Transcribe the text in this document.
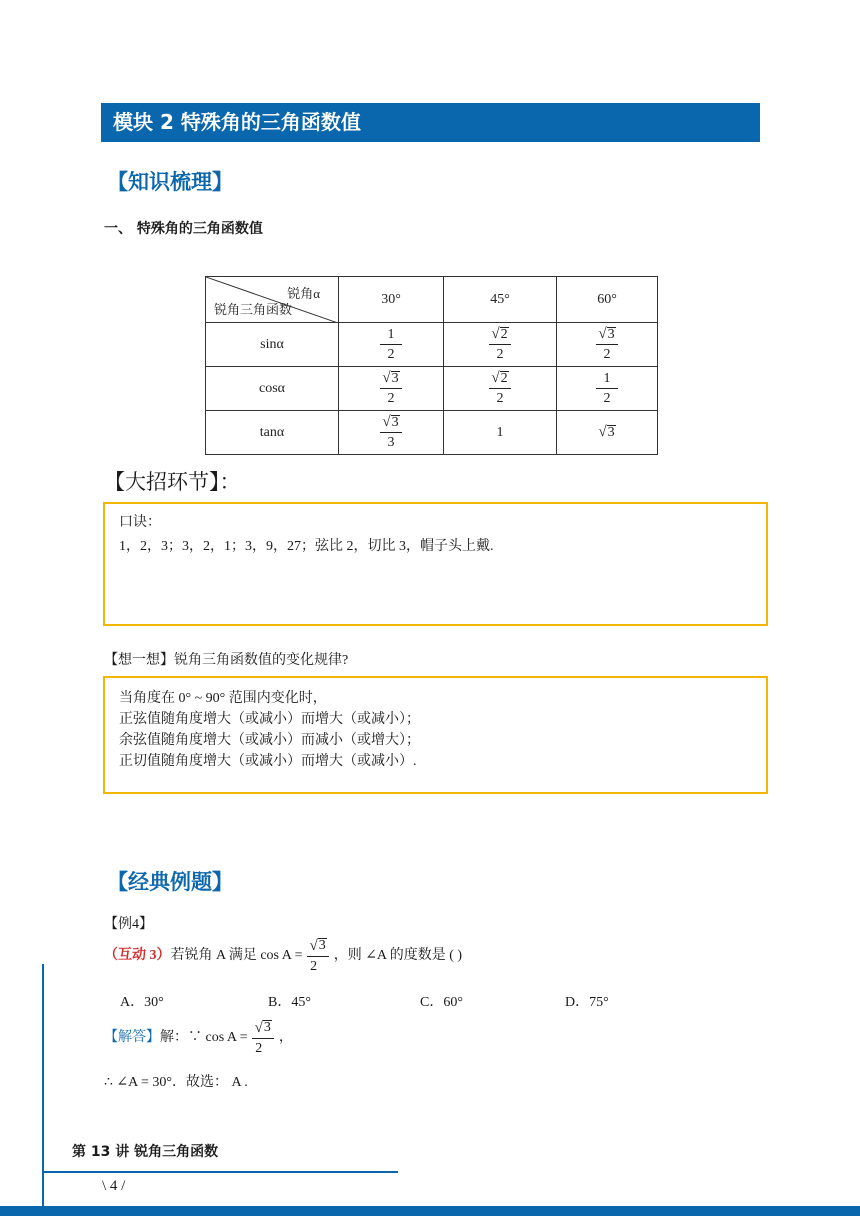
模块 2 特殊角的三角函数值
【知识梳理】
一、 特殊角的三角函数值
锐角α
锐角三角函数	30°	45°	60°
sinα	$\frac{1}{2}$	$\frac{√ 2}{2}$	$\frac{√ 3}{2}$

cosα	$\frac{√ 3}{2}$	$\frac{√ 2}{2}$	$\frac{1}{2}$

tanα	$\frac{√ 3}{3}$	1	√ 3
【大招环节】：
口诀：
1，2，3；3，2，1；3，9，27；弦比 2，切比 3，帽子头上戴.
【想一想】锐角三角函数值的变化规律?
当角度在 0° ~ 90° 范围内变化时，
正弦值随角度增大（或减小）而增大（或减小）；
余弦值随角度增大（或减小）而减小（或增大）；
正切值随角度增大（或减小）而增大（或减小）.
【经典例题】
【例4】
（互动 3） 若锐角 A 满足 $\cos A = \frac{√ 3}{2}$ ，则 ∠A 的度数是 ( )
A．30°	B．45°	C．60°	D．75°
【解答】 解：∵ $\cos A = \frac{√ 3}{2}$ ，
∴ ∠A = 30°．故选： A .
第 13 讲 锐角三角函数
\ 4 /
